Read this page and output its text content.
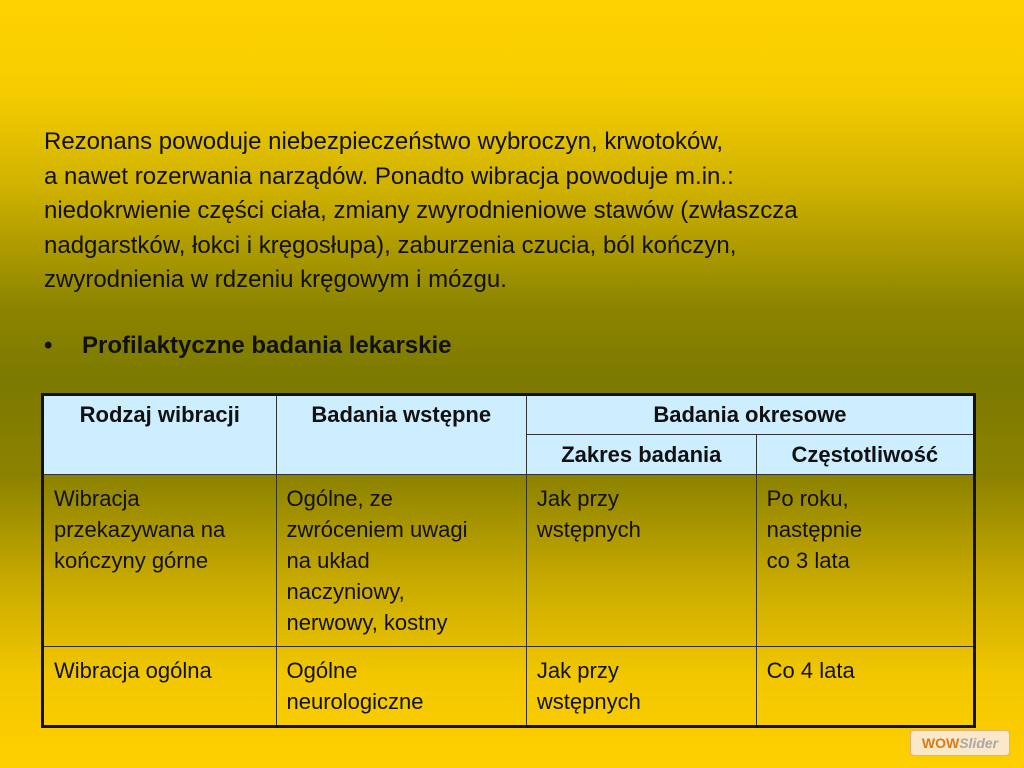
Rezonans powoduje niebezpieczeństwo wybroczyn, krwotoków,
a nawet rozerwania narządów. Ponadto wibracja powoduje m.in.:
niedokrwienie części ciała, zmiany zwyrodnieniowe stawów (zwłaszcza
nadgarstków, łokci i kręgosłupa), zaburzenia czucia, ból kończyn,
zwyrodnienia w rdzeniu kręgowym i mózgu.
• Profilaktyczne badania lekarskie
Rodzaj wibracji	Badania wstępne	Badania okresowe	
		Zakres badania	Częstotliwość

Wibracja
przekazywana na
kończyny górne	Ogólne, ze
zwróceniem uwagi
na układ
naczyniowy,
nerwowy, kostny	Jak przy
wstępnych	Po roku,
następnie
co 3 lata

Wibracja ogólna	Ogólne
neurologiczne	Jak przy
wstępnych	Co 4 lata
WOW Slider
